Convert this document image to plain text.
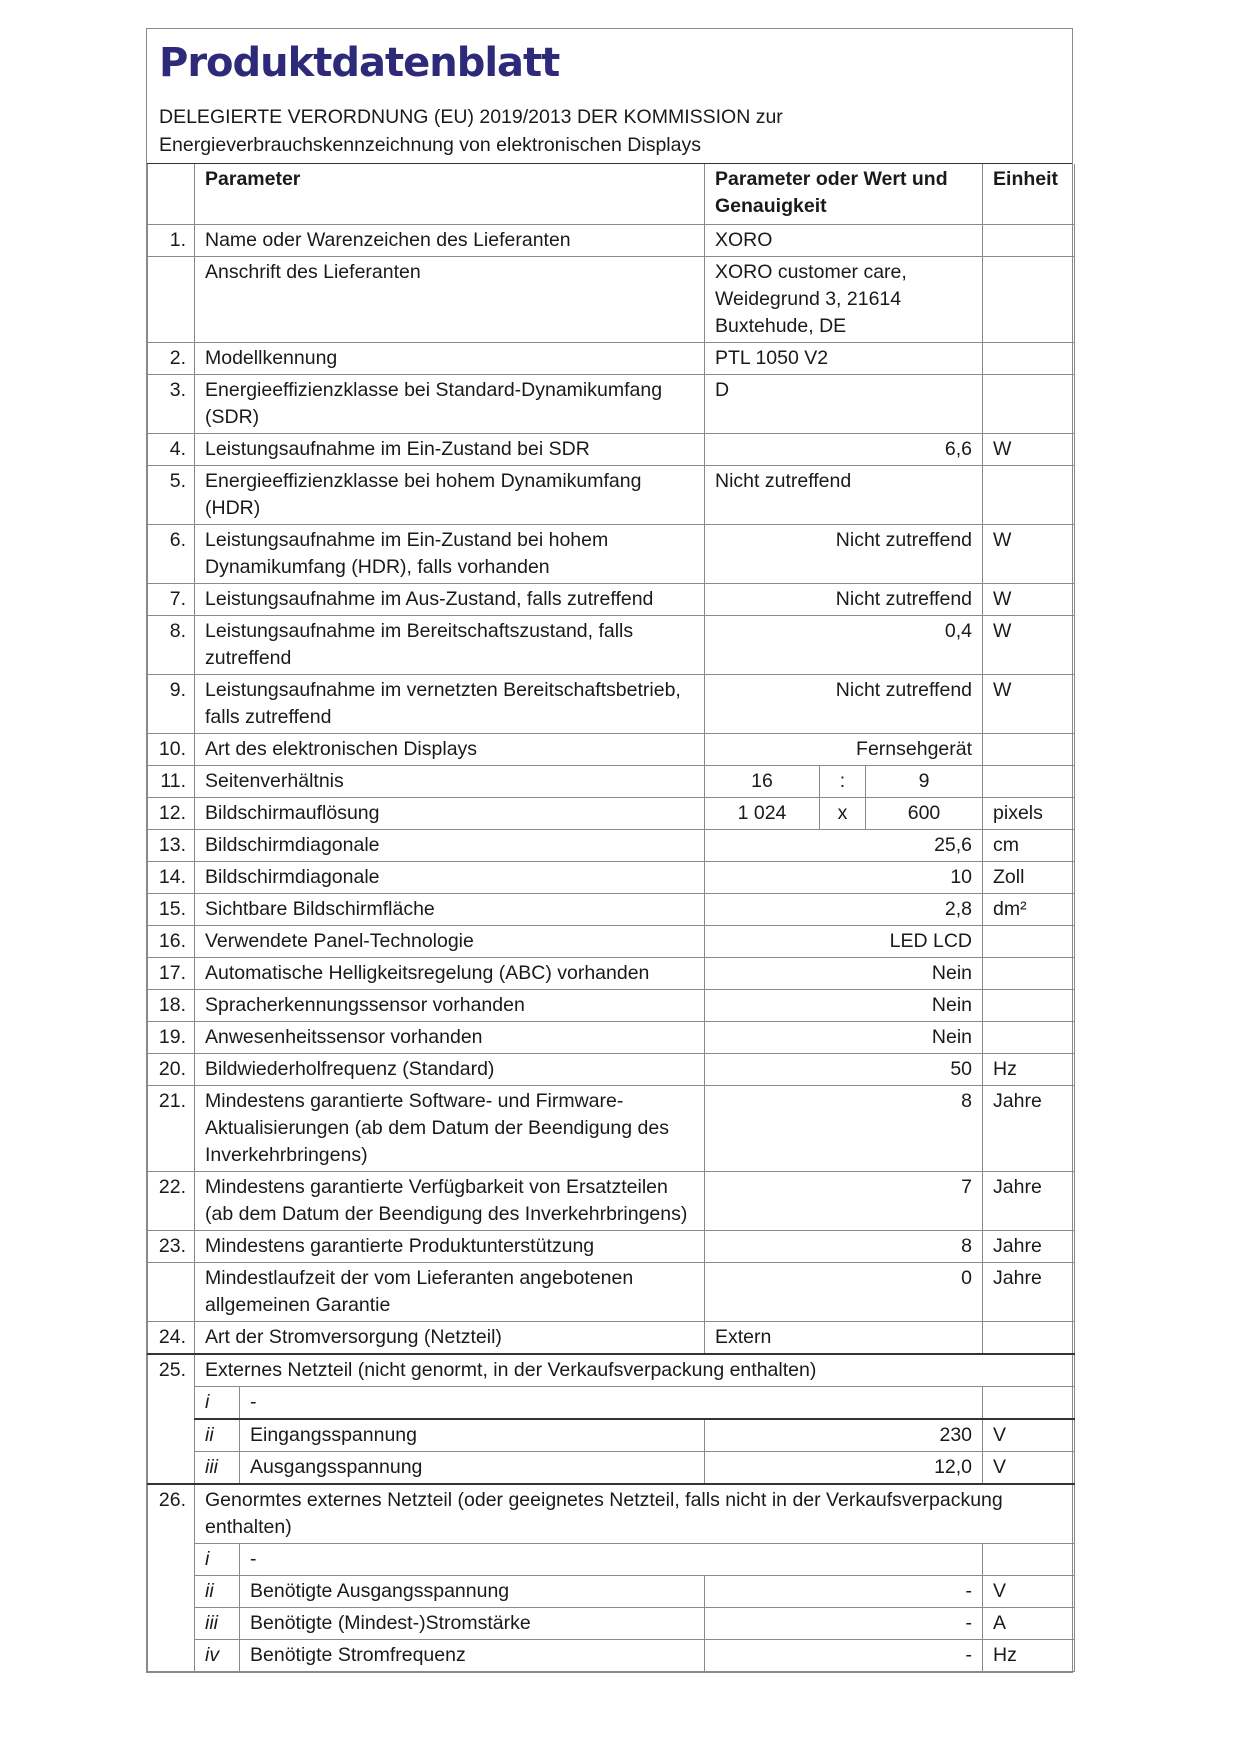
Produktdatenblatt
DELEGIERTE VERORDNUNG (EU) 2019/2013 DER KOMMISSION zur
Energieverbrauchskennzeichnung von elektronischen Displays
	Parameter		Parameter oder Wert und Genauigkeit			Einheit
1.	Name oder Warenzeichen des Lieferanten		XORO			
	Anschrift des Lieferanten		XORO customer care, Weidegrund 3, 21614 Buxtehude, DE			
2.	Modellkennung		PTL 1050 V2			
3.	Energieeffizienzklasse bei Standard-Dynamikumfang (SDR)		D			
4.	Leistungsaufnahme im Ein-Zustand bei SDR		6,6			W
5.	Energieeffizienzklasse bei hohem Dynamikumfang (HDR)		Nicht zutreffend			
6.	Leistungsaufnahme im Ein-Zustand bei hohem Dynamikumfang (HDR), falls vorhanden		Nicht zutreffend			W
7.	Leistungsaufnahme im Aus-Zustand, falls zutreffend		Nicht zutreffend			W
8.	Leistungsaufnahme im Bereitschaftszustand, falls zutreffend		0,4			W
9.	Leistungsaufnahme im vernetzten Bereitschaftsbetrieb, falls zutreffend		Nicht zutreffend			W
10.	Art des elektronischen Displays		Fernsehgerät			
11.	Seitenverhältnis		16	:	9	
12.	Bildschirmauflösung		1 024	x	600	pixels
13.	Bildschirmdiagonale		25,6			cm
14.	Bildschirmdiagonale		10			Zoll
15.	Sichtbare Bildschirmfläche		2,8			dm²
16.	Verwendete Panel-Technologie		LED LCD			
17.	Automatische Helligkeitsregelung (ABC) vorhanden		Nein			
18.	Spracherkennungssensor vorhanden		Nein			
19.	Anwesenheitssensor vorhanden		Nein			
20.	Bildwiederholfrequenz (Standard)		50			Hz
21.	Mindestens garantierte Software- und Firmware-Aktualisierungen (ab dem Datum der Beendigung des Inverkehrbringens)		8			Jahre
22.	Mindestens garantierte Verfügbarkeit von Ersatzteilen (ab dem Datum der Beendigung des Inverkehrbringens)		7			Jahre
23.	Mindestens garantierte Produktunterstützung		8			Jahre
	Mindestlaufzeit der vom Lieferanten angebotenen allgemeinen Garantie		0			Jahre
24.	Art der Stromversorgung (Netzteil)		Extern			
25.	Externes Netzteil (nicht genormt, in der Verkaufsverpackung enthalten)					
	i	-				
	ii	Eingangsspannung	230			V
	iii	Ausgangsspannung	12,0			V
26.	Genormtes externes Netzteil (oder geeignetes Netzteil, falls nicht in der Verkaufsverpackung enthalten)					
	i	-				
	ii	Benötigte Ausgangsspannung	-			V
	iii	Benötigte (Mindest-)Stromstärke	-			A
	iv	Benötigte Stromfrequenz	-			Hz
